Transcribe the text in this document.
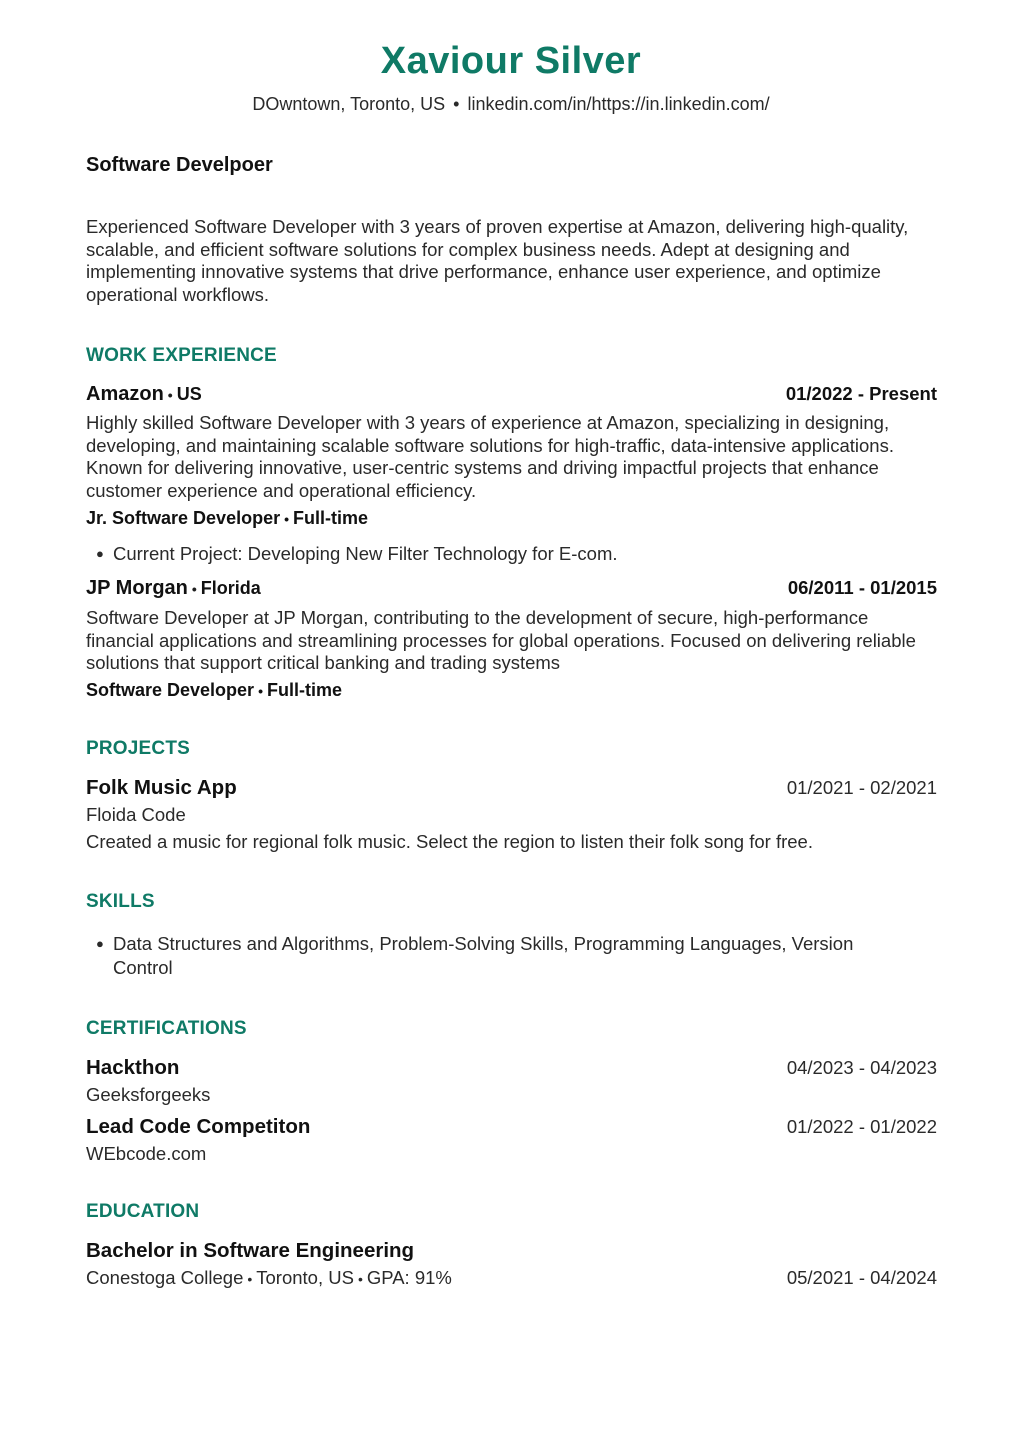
Xaviour Silver
DOwntown, Toronto, US • linkedin.com/in/https://in.linkedin.com/
Software Develpoer
Experienced Software Developer with 3 years of proven expertise at Amazon, delivering high-quality, scalable, and efficient software solutions for complex business needs. Adept at designing and implementing innovative systems that drive performance, enhance user experience, and optimize operational workflows.
WORK EXPERIENCE
Amazon • US	01/2022 - Present
Highly skilled Software Developer with 3 years of experience at Amazon, specializing in designing, developing, and maintaining scalable software solutions for high-traffic, data-intensive applications. Known for delivering innovative, user-centric systems and driving impactful projects that enhance customer experience and operational efficiency.
Jr. Software Developer • Full-time
● Current Project: Developing New Filter Technology for E-com.
JP Morgan • Florida	06/2011 - 01/2015
Software Developer at JP Morgan, contributing to the development of secure, high-performance financial applications and streamlining processes for global operations. Focused on delivering reliable solutions that support critical banking and trading systems
Software Developer • Full-time
PROJECTS
Folk Music App	01/2021 - 02/2021
Floida Code
Created a music for regional folk music. Select the region to listen their folk song for free.
SKILLS
● Data Structures and Algorithms, Problem-Solving Skills, Programming Languages, Version Control
CERTIFICATIONS
Hackthon	04/2023 - 04/2023
Geeksforgeeks
Lead Code Competiton	01/2022 - 01/2022
WEbcode.com
EDUCATION
Bachelor in Software Engineering
Conestoga College • Toronto, US • GPA: 91%	05/2021 - 04/2024
